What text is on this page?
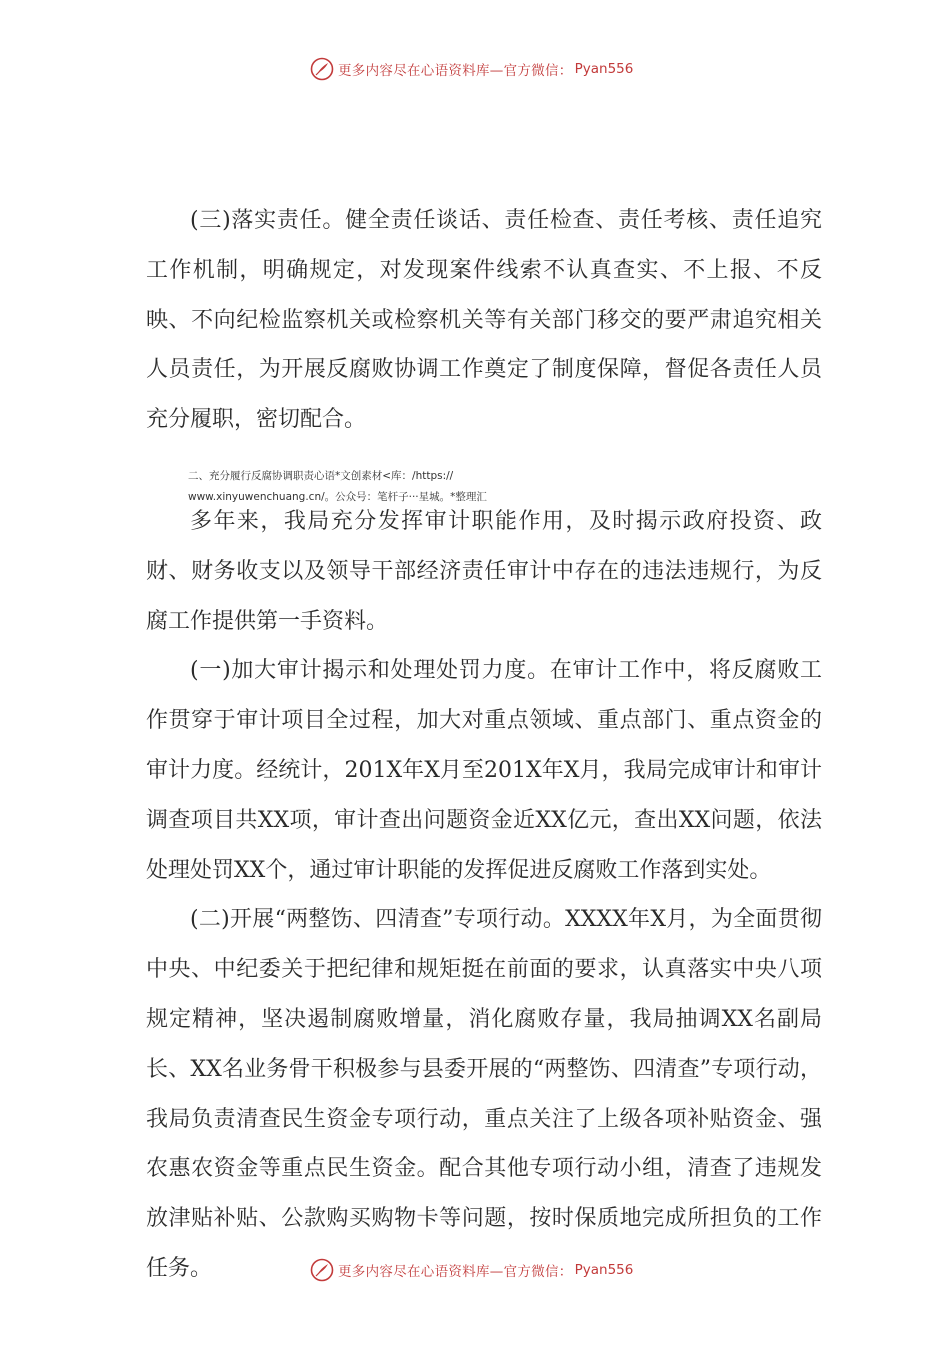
更多内容尽在心语资料库—官方微信： Pyan556

(三)落实责任。健全责任谈话、责任检查、责任考核、责任追究工作机制，明确规定，对发现案件线索不认真查实、不上报、不反映、不向纪检监察机关或检察机关等有关部门移交的要严肃追究相关人员责任，为开展反腐败协调工作奠定了制度保障，督促各责任人员充分履职，密切配合。

二、充分履行反腐协调职责心语*文创素材<库：/https://
www.xinyuwenchuang.cn/。公众号：笔杆子···星城。*整理汇

多年来，我局充分发挥审计职能作用，及时揭示政府投资、政财、财务收支以及领导干部经济责任审计中存在的违法违规行，为反腐工作提供第一手资料。

(一)加大审计揭示和处理处罚力度。在审计工作中，将反腐败工作贯穿于审计项目全过程，加大对重点领域、重点部门、重点资金的审计力度。经统计，201X年X月至201X年X月，我局完成审计和审计调查项目共XX项，审计查出问题资金近XX亿元，查出XX问题，依法处理处罚XX个，通过审计职能的发挥促进反腐败工作落到实处。

(二)开展“两整饬、四清查”专项行动。XXXX年X月，为全面贯彻中央、中纪委关于把纪律和规矩挺在前面的要求，认真落实中央八项规定精神，坚决遏制腐败增量，消化腐败存量，我局抽调XX名副局长、XX名业务骨干积极参与县委开展的“两整饬、四清查”专项行动，我局负责清查民生资金专项行动，重点关注了上级各项补贴资金、强农惠农资金等重点民生资金。配合其他专项行动小组，清查了违规发放津贴补贴、公款购买购物卡等问题，按时保质地完成所担负的工作任务。	更多内容尽在心语资料库—官方微信： Pyan556
